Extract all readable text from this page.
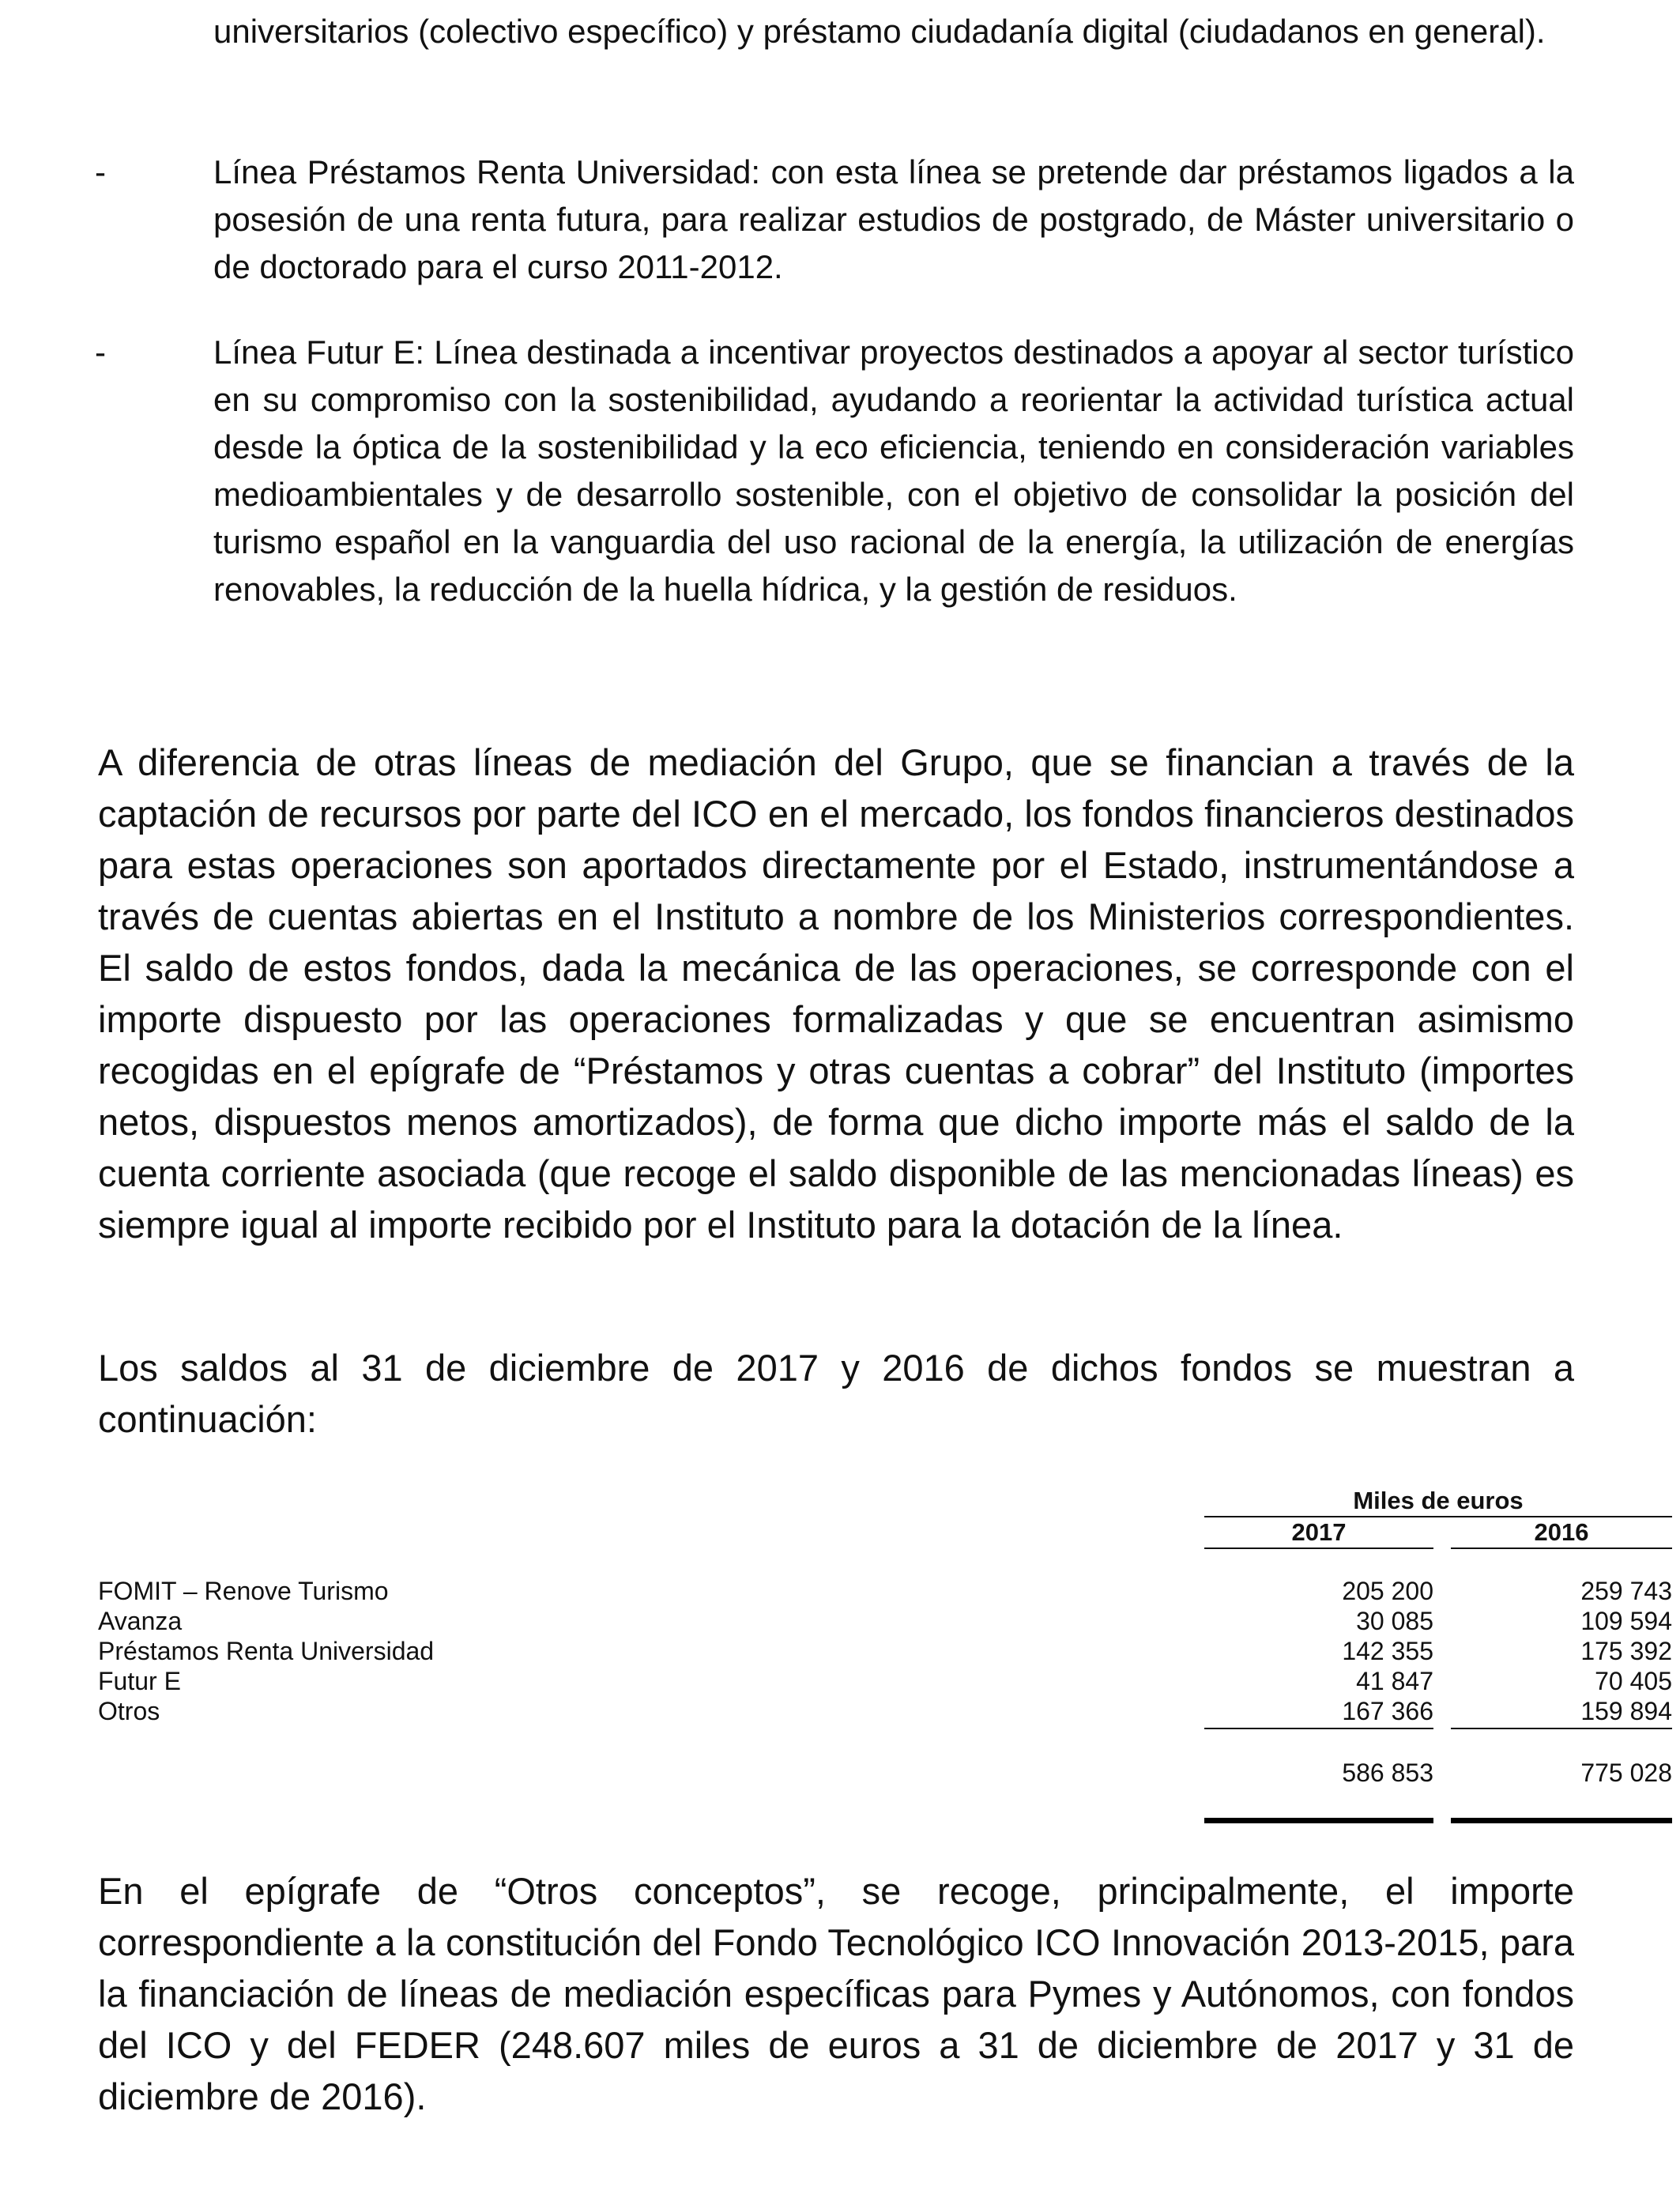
universitarios (colectivo específico) y préstamo ciudadanía digital (ciudadanos en general).
-	Línea Préstamos Renta Universidad: con esta línea se pretende dar préstamos ligados a la posesión de una renta futura, para realizar estudios de postgrado, de Máster universitario o de doctorado para el curso 2011-2012.
-	Línea Futur E: Línea destinada a incentivar proyectos destinados a apoyar al sector turístico en su compromiso con la sostenibilidad, ayudando a reorientar la actividad turística actual desde la óptica de la sostenibilidad y la eco eficiencia, teniendo en consideración variables medioambientales y de desarrollo sostenible, con el objetivo de consolidar la posición del turismo español en la vanguardia del uso racional de la energía, la utilización de energías renovables, la reducción de la huella hídrica, y la gestión de residuos.
A diferencia de otras líneas de mediación del Grupo, que se financian a través de la captación de recursos por parte del ICO en el mercado, los fondos financieros destinados para estas operaciones son aportados directamente por el Estado, instrumentándose a través de cuentas abiertas en el Instituto a nombre de los Ministerios correspondientes. El saldo de estos fondos, dada la mecánica de las operaciones, se corresponde con el importe dispuesto por las operaciones formalizadas y que se encuentran asimismo recogidas en el epígrafe de “Préstamos y otras cuentas a cobrar” del Instituto (importes netos, dispuestos menos amortizados), de forma que dicho importe más el saldo de la cuenta corriente asociada (que recoge el saldo disponible de las mencionadas líneas) es siempre igual al importe recibido por el Instituto para la dotación de la línea.
Los saldos al 31 de diciembre de 2017 y 2016 de dichos fondos se muestran a continuación:
Miles de euros
2017	2016
FOMIT – Renove Turismo	205 200	259 743
Avanza	30 085	109 594
Préstamos Renta Universidad	142 355	175 392
Futur E	41 847	70 405
Otros	167 366	159 894
586 853	775 028
En el epígrafe de “Otros conceptos”, se recoge, principalmente, el importe correspondiente a la constitución del Fondo Tecnológico ICO Innovación 2013-2015, para la financiación de líneas de mediación específicas para Pymes y Autónomos, con fondos del ICO y del FEDER (248.607 miles de euros a 31 de diciembre de 2017 y 31 de diciembre de 2016).
